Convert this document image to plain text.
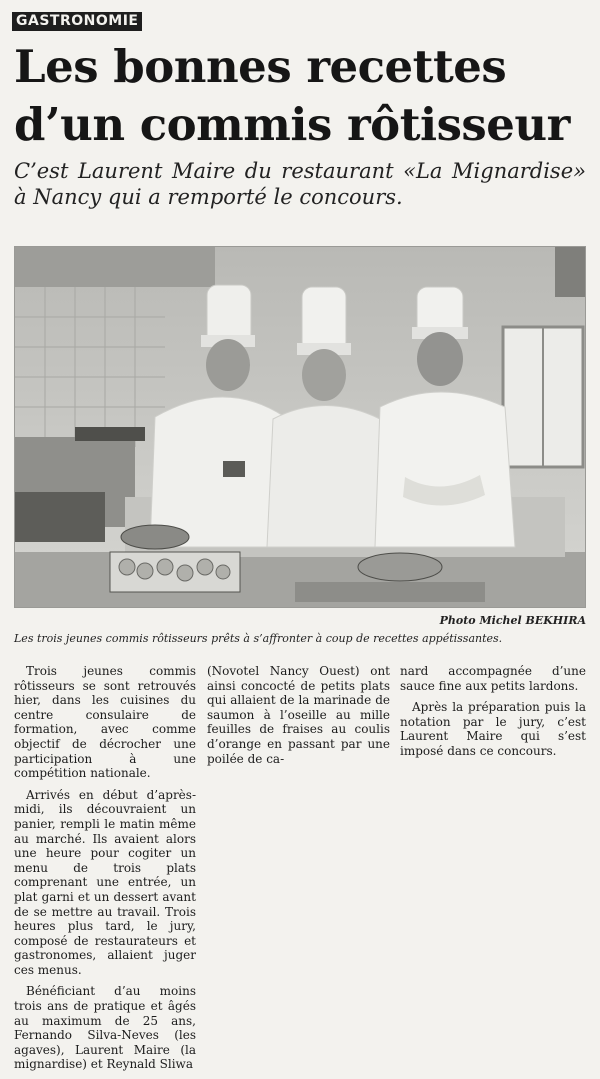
GASTRONOMIE
Les bonnes recettes
d’un commis rôtisseur

C’est Laurent Maire du restaurant «La Mignardise» à Nancy qui a remporté le concours.

Photo Michel BEKHIRA
Les trois jeunes commis rôtisseurs prêts à s’affronter à coup de recettes appétissantes.

Trois jeunes commis rôtisseurs se sont retrouvés hier, dans les cuisines du centre consulaire de formation, avec comme objectif de décrocher une participation à une compétition nationale.

Arrivés en début d’après-midi, ils découvraient un panier, rempli le matin même au marché. Ils avaient alors une heure pour cogiter un menu de trois plats comprenant une entrée, un plat garni et un dessert avant de se mettre au travail. Trois heures plus tard, le jury, composé de restaurateurs et gastronomes, allaient juger ces menus.

Bénéficiant d’au moins trois ans de pratique et âgés au maximum de 25 ans, Fernando Silva-Neves (les agaves), Laurent Maire (la mignardise) et Reynald Sliwa

(Novotel Nancy Ouest) ont ainsi concocté de petits plats qui allaient de la marinade de saumon à l’oseille au mille feuilles de fraises au coulis d’orange en passant par une poilée de ca-

nard accompagnée d’une sauce fine aux petits lardons.

Après la préparation puis la notation par le jury, c’est Laurent Maire qui s’est imposé dans ce concours.
